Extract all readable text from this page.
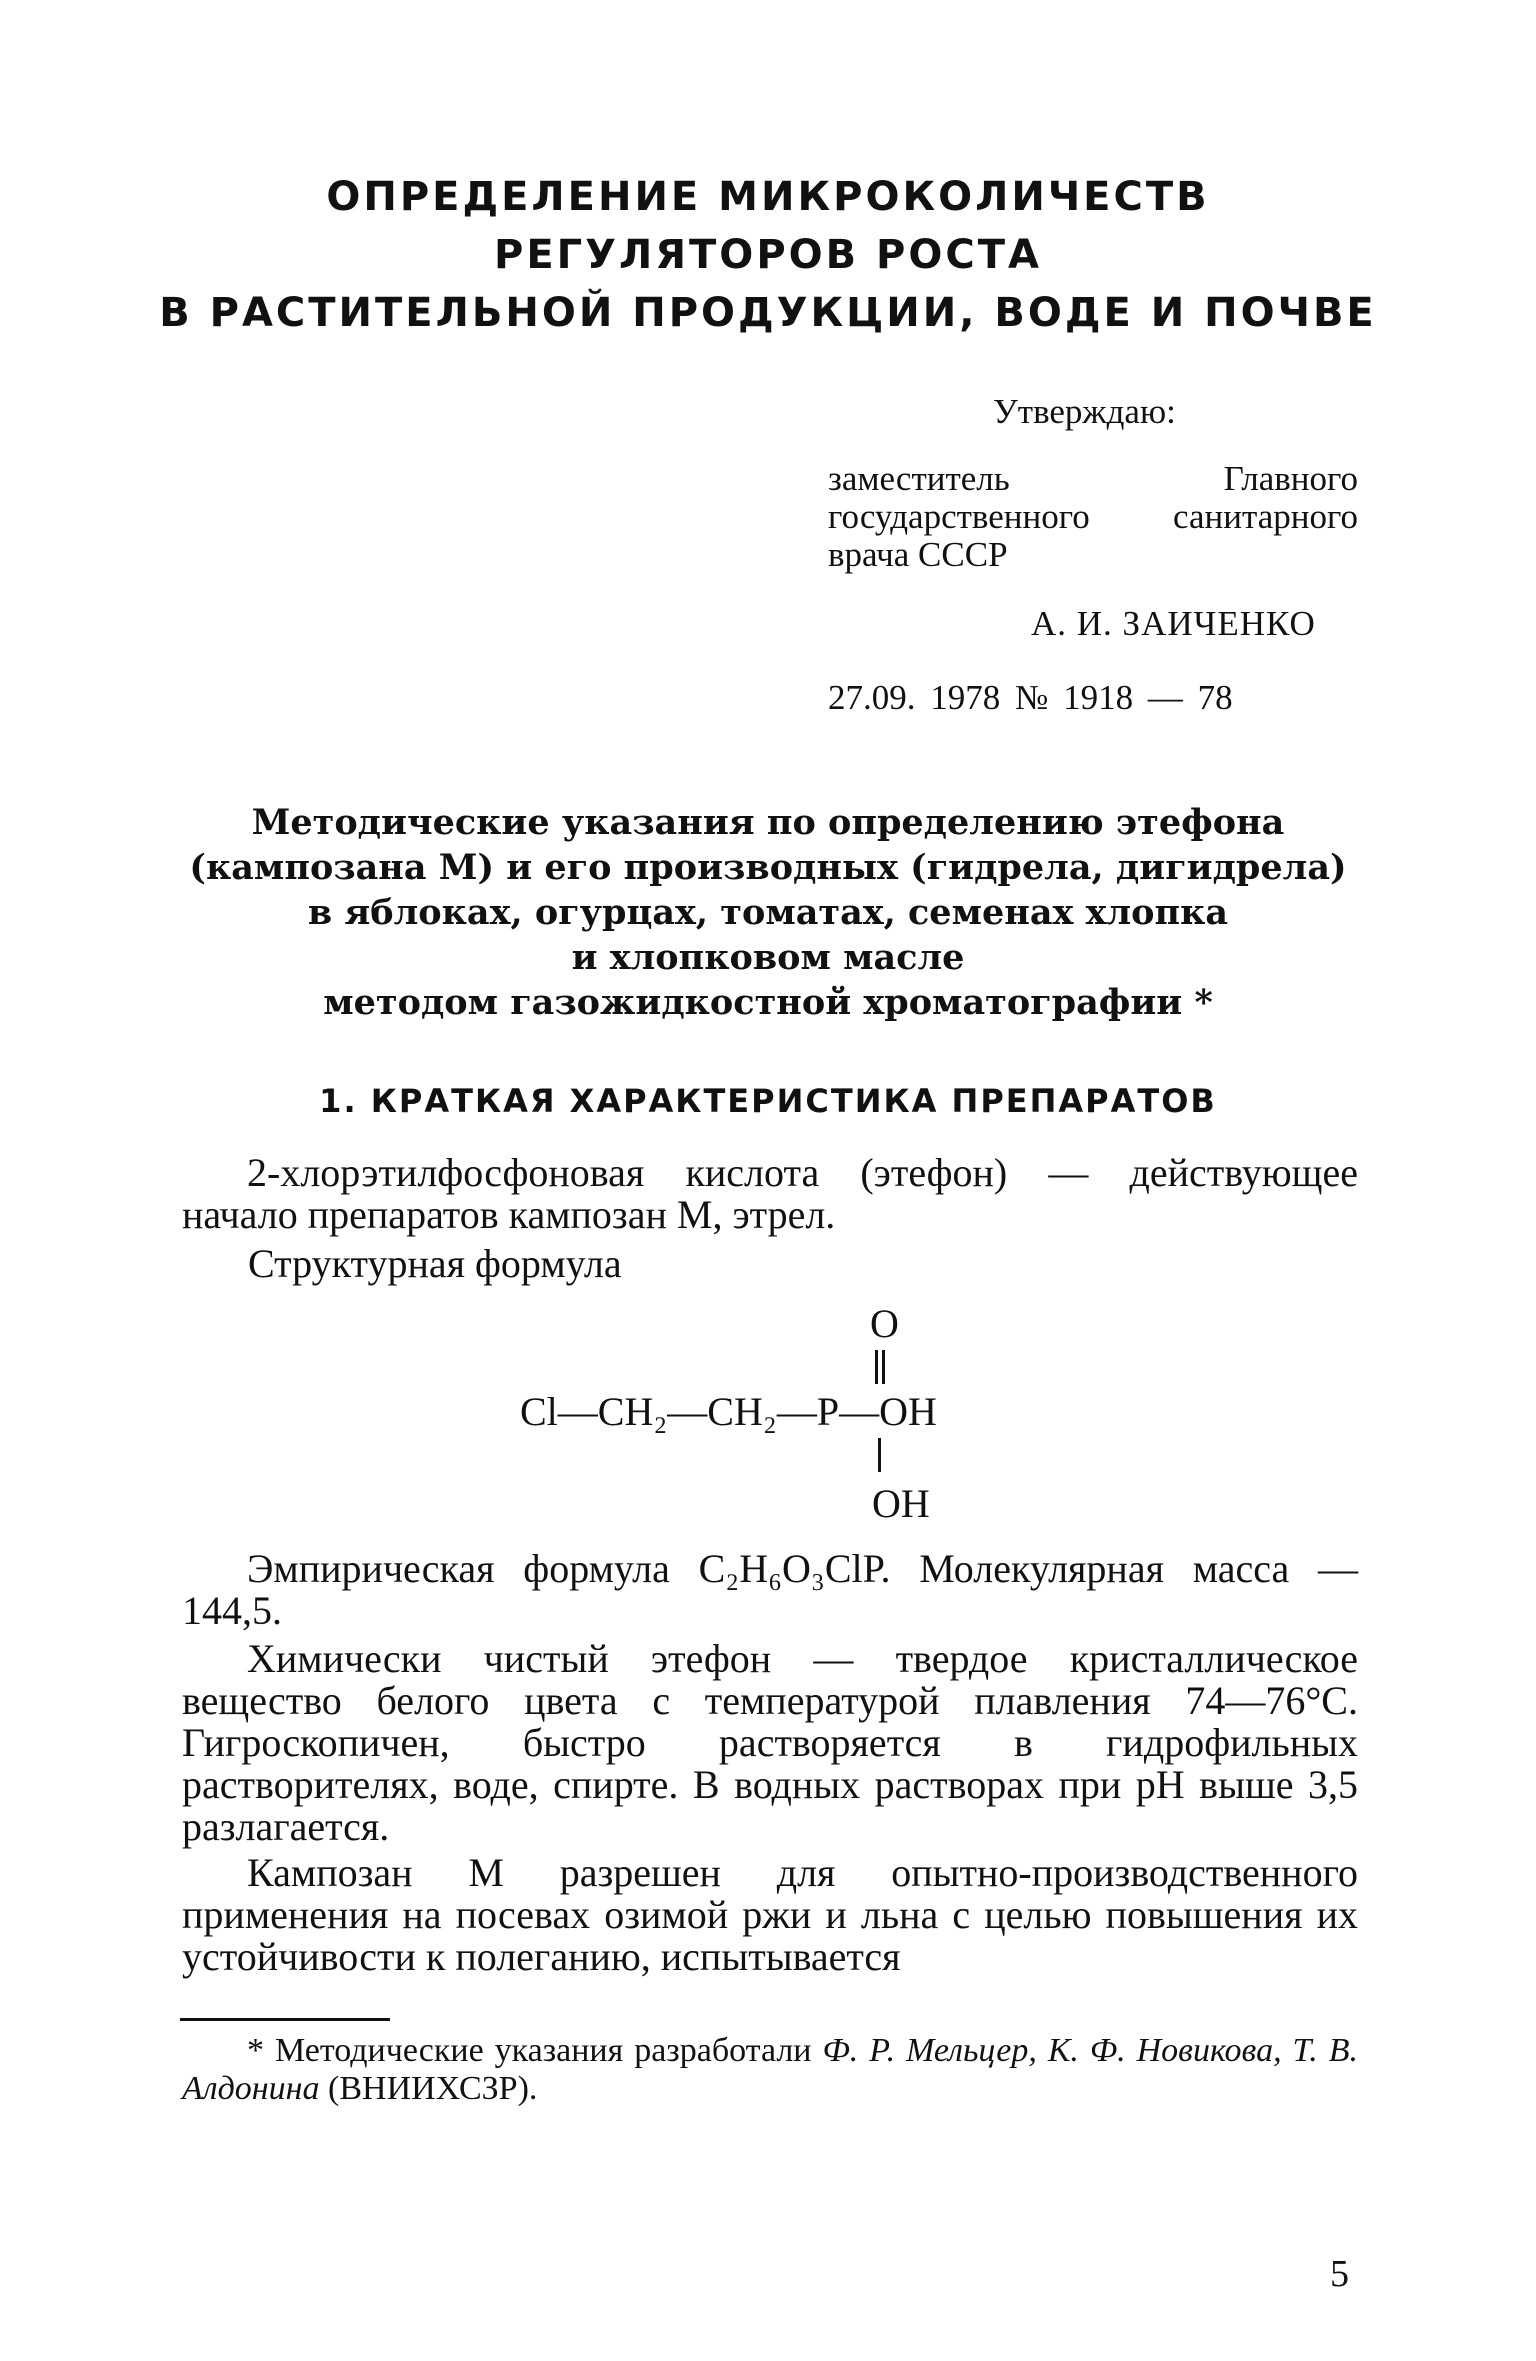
ОПРЕДЕЛЕНИЕ МИКРОКОЛИЧЕСТВ
РЕГУЛЯТОРОВ РОСТА
В РАСТИТЕЛЬНОЙ ПРОДУКЦИИ, ВОДЕ И ПОЧВЕ
Утверждаю:
заместитель Главного государственного санитарного врача СССР
А. И. ЗАИЧЕНКО
27.09. 1978 № 1918 — 78
Методические указания по определению этефона
(кампозана М) и его производных (гидрела, дигидрела)
в яблоках, огурцах, томатах, семенах хлопка
и хлопковом масле
методом газожидкостной хроматографии *
1. КРАТКАЯ ХАРАКТЕРИСТИКА ПРЕПАРАТОВ
2-хлорэтилфосфоновая кислота (этефон) — действующее начало препаратов кампозан М, этрел.
Структурная формула
O
Cl—CH₂—CH₂—P—OH
OH
Эмпирическая формула C₂H₆O₃ClP. Молекулярная масса — 144,5.
Химически чистый этефон — твердое кристаллическое вещество белого цвета с температурой плавления 74—76°С. Гигроскопичен, быстро растворяется в гидрофильных растворителях, воде, спирте. В водных растворах при pH выше 3,5 разлагается.
Кампозан М разрешен для опытно-производственного применения на посевах озимой ржи и льна с целью повышения их устойчивости к полеганию, испытывается
* Методические указания разработали Ф. Р. Мельцер, К. Ф. Новикова, Т. В. Алдонина (ВНИИХСЗР).
5
